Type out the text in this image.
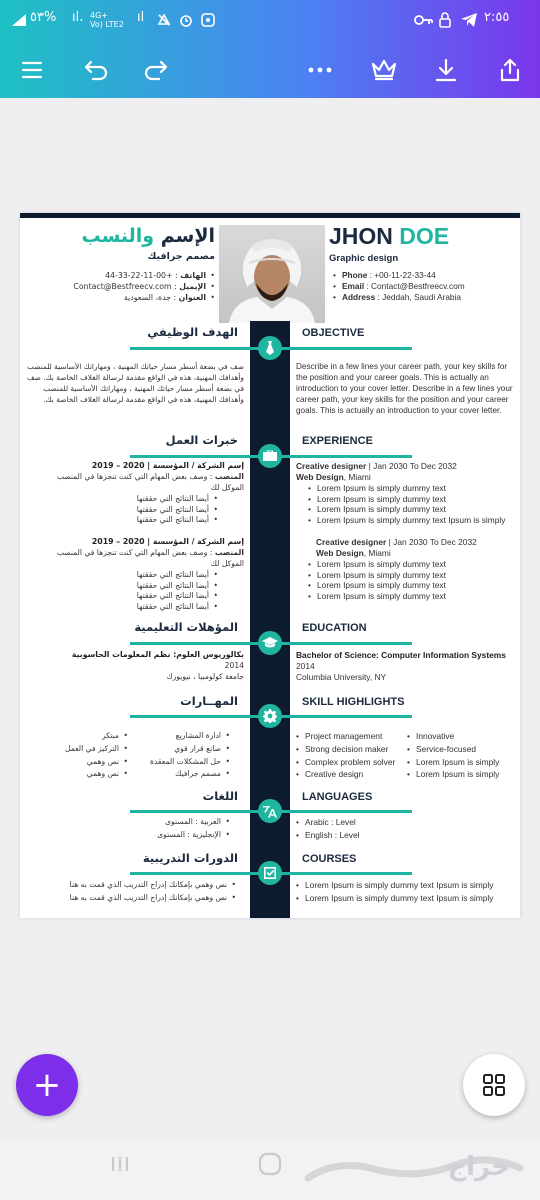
٥٣% ıl. 4G+
Vo) LTE2 ıl	٢:٥٥
JHON DOE
Graphic design
• Phone : +00-11-22-33-44
• Email : Contact@Bestfreecv.com
• Address : Jeddah, Saudi Arabia
الإسم والنسب
مصمم جرافيك
• الهاتف : +00-11-22-33-44
• الإيميل : Contact@Bestfreecv.com
• العنوان : جدة، السعودية
OBJECTIVE
الهدف الوظيفي
Describe in a few lines your career path, your key skills for the position and your career goals. This is actually an introduction to your cover letter. Describe in a few lines your career path, your key skills for the position and your career goals. This is actually an introduction to your cover letter.
صف في بضعة أسطر مسار حياتك المهنية ، ومهاراتك الأساسية للمنصب وأهدافك المهنية، هذه في الواقع مقدمة لرسالة الغلاف الخاصة بك. صف في بضعة أسطر مسار حياتك المهنية ، ومهاراتك الأساسية للمنصب وأهدافك المهنية، هذه في الواقع مقدمة لرسالة الغلاف الخاصة بك.
EXPERIENCE
خبرات العمل
Creative designer | Jan 2030 To Dec 2032
Web Design, Miami
• Lorem Ipsum is simply dummy text
• Lorem Ipsum is simply dummy text
• Lorem Ipsum is simply dummy text
• Lorem Ipsum is simply dummy text Ipsum is simply
Creative designer | Jan 2030 To Dec 2032
Web Design, Miami
• Lorem Ipsum is simply dummy text
• Lorem Ipsum is simply dummy text
• Lorem Ipsum is simply dummy text
• Lorem Ipsum is simply dummy text
إسم الشركة / المؤسسة | 2020 – 2019
المنصب : وصف بعض المهام التي كنت تنجزها في المنصب الموكل لك
• أيضا النتائج التي حققتها
• أيضا النتائج التي حققتها
• أيضا النتائج التي حققتها
إسم الشركة / المؤسسة | 2020 – 2019
المنصب : وصف بعض المهام التي كنت تنجزها في المنصب الموكل لك
• أيضا النتائج التي حققتها
• أيضا النتائج التي حققتها
• أيضا النتائج التي حققتها
• أيضا النتائج التي حققتها
EDUCATION
المؤهلات التعليمية
Bachelor of Science: Computer Information Systems
2014
Columbia University, NY
بكالوريوس العلوم: نظم المعلومات الحاسوبية
2014
جامعة كولومبيا ، نيويورك
SKILL HIGHLIGHTS
المهــارات
• Project management
• Strong decision maker
• Complex problem solver
• Creative design
• Innovative
• Service-focused
• Lorem Ipsum is simply
• Lorem Ipsum is simply
• ادارة المشاريع
• صانع قرار قوي
• حل المشكلات المعقدة
• مصمم جرافيك
• مبتكر
• التركيز في العمل
• نص وهمي
• نص وهمي
LANGUAGES
اللغات
• Arabic : Level
• English : Level
• العربية : المستوى
• الإنجليزية : المستوى
COURSES
الدورات التدريبية
• Lorem Ipsum is simply dummy text Ipsum is simply
• Lorem Ipsum is simply dummy text Ipsum is simply
• نص وهمي بإمكانك إدراج التدريب الذي قمت به هنا
• نص وهمي بإمكانك إدراج التدريب الذي قمت به هنا
+
حراج
